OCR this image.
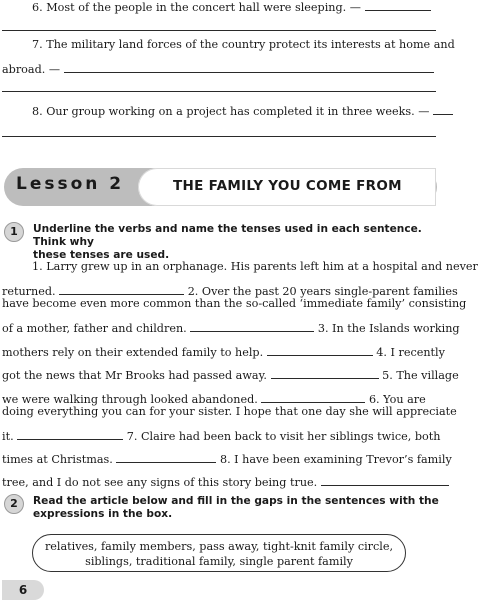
6. Most of the people in the concert hall were sleeping. —
7. The military land forces of the country protect its interests at home and
abroad. —
8. Our group working on a project has completed it in three weeks. —
Lesson 2	THE FAMILY YOU COME FROM
1	Underline the verbs and name the tenses used in each sentence. Think why
these tenses are used.
1. Larry grew up in an orphanage. His parents left him at a hospital and never
returned.	2. Over the past 20 years single-parent families
have become even more common than the so-called ‘immediate family’ consisting
of a mother, father and children.	3. In the Islands working
mothers rely on their extended family to help.	4. I recently
got the news that Mr Brooks had passed away.	5. The village
we were walking through looked abandoned.	6. You are
doing everything you can for your sister. I hope that one day she will appreciate
it.	7. Claire had been back to visit her siblings twice, both
times at Christmas.	8. I have been examining Trevor’s family
tree, and I do not see any signs of this story being true.
2	Read the article below and fill in the gaps in the sentences with the
expressions in the box.
relatives, family members, pass away, tight-knit family circle,
siblings, traditional family, single parent family
6
